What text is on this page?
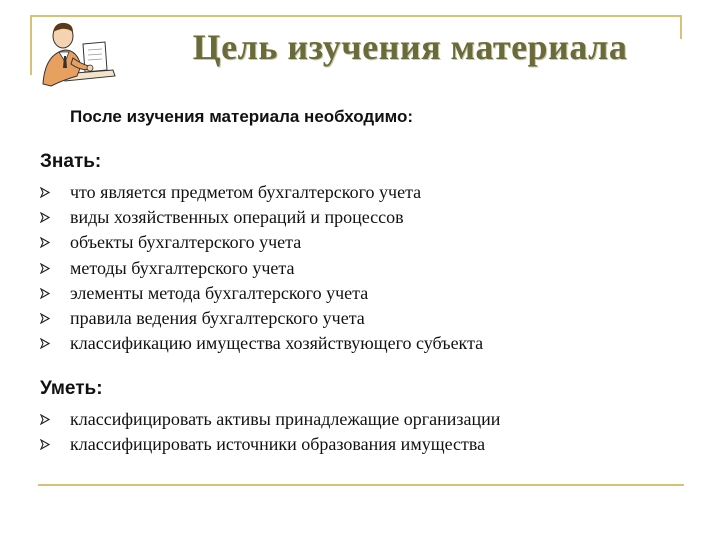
Цель изучения материала
После изучения материала необходимо:
Знать:
что является предметом бухгалтерского учета
виды хозяйственных операций и процессов
объекты бухгалтерского учета
методы бухгалтерского учета
элементы метода бухгалтерского учета
правила ведения бухгалтерского учета
классификацию имущества хозяйствующего субъекта
Уметь:
классифицировать активы принадлежащие организации
классифицировать источники образования имущества
